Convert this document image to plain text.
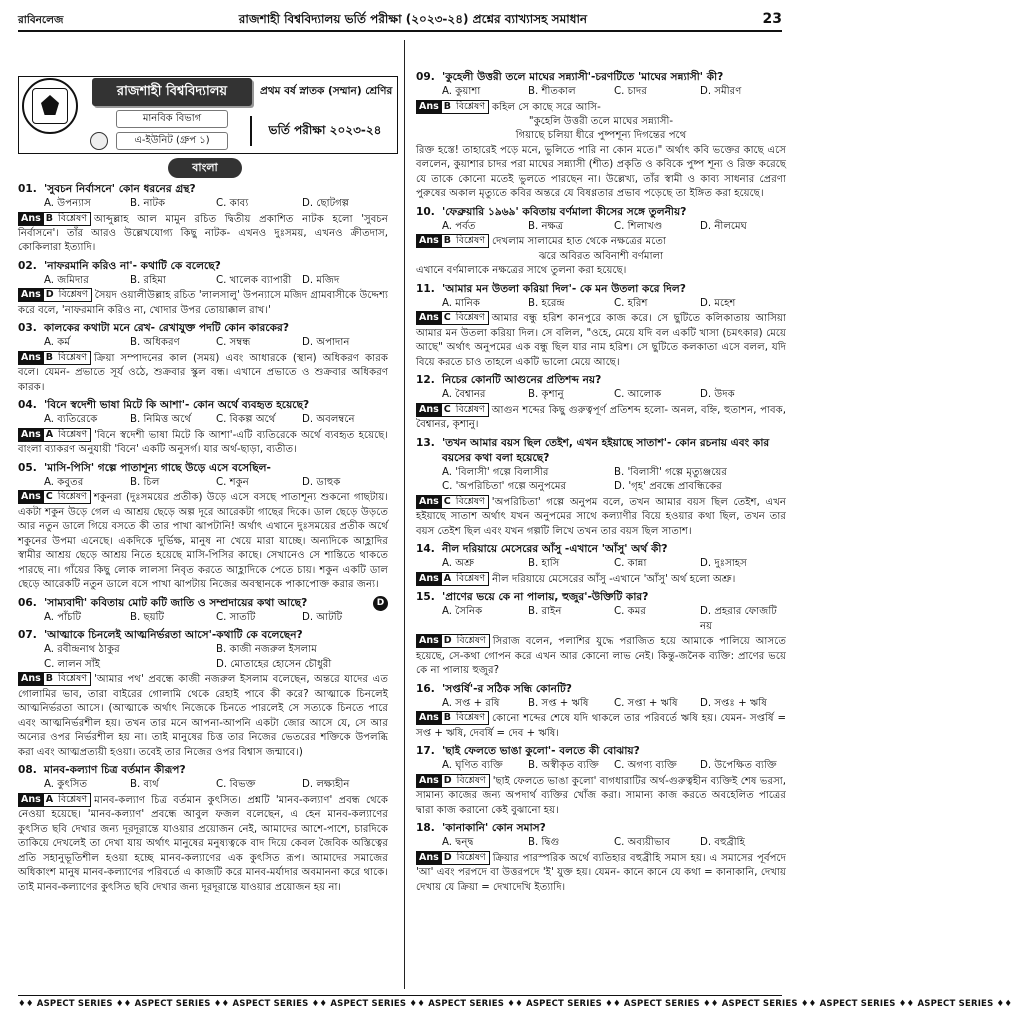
রাবিনলেজ	রাজশাহী বিশ্ববিদ্যালয় ভর্তি পরীক্ষা (২০২৩-২৪) প্রশ্নের ব্যাখ্যাসহ সমাধান	23
রাজশাহী বিশ্ববিদ্যালয়	প্রথম বর্ষ স্নাতক (সম্মান) শ্রেণির
মানবিক বিভাগ
এ-ইউনিট (গ্রুপ ১)
ভর্তি পরীক্ষা ২০২৩-২৪
বাংলা
01. 'সুবচন নির্বাসনে' কোন ধরনের গ্রন্থ?
A. উপন্যাস	B. নাটক	C. কাব্য	D. ছোটগল্প
Ans B বিশ্লেষণ আব্দুল্লাহ আল মামুন রচিত দ্বিতীয় প্রকাশিত নাটক হলো 'সুবচন নির্বাসনে'। তাঁর আরও উল্লেখযোগ্য কিছু নাটক- এখনও দুঃসময়, এখনও ক্রীতদাস, কোকিলারা ইত্যাদি।
02. 'নাফরমানি করিও না'- কথাটি কে বলেছে?
A. জমিদার	B. রহিমা	C. খালেক ব্যাপারী	D. মজিদ
Ans D বিশ্লেষণ সৈয়দ ওয়ালীউল্লাহ রচিত 'লালসালু' উপন্যাসে মজিদ গ্রামবাসীকে উদ্দেশ্য করে বলে, 'নাফরমানি করিও না, খোদার উপর তোয়াক্কাল রাখ।'
03. কালকের কথাটা মনে রেখ- রেখাযুক্ত পদটি কোন কারকের?
A. কর্ম	B. অধিকরণ	C. সম্বন্ধ	D. অপাদান
Ans B বিশ্লেষণ ক্রিয়া সম্পাদনের কাল (সময়) এবং আধারকে (স্থান) অধিকরণ কারক বলে। যেমন- প্রভাতে সূর্য ওঠে, শুক্রবার স্কুল বন্ধ। এখানে প্রভাতে ও শুক্রবার অধিকরণ কারক।
04. 'বিনে স্বদেশী ভাষা মিটে কি আশা'- কোন অর্থে ব্যবহৃত হয়েছে?
A. ব্যতিরেকে	B. নিমিত্ত অর্থে	C. বিকল্প অর্থে	D. অবলম্বনে
Ans A বিশ্লেষণ 'বিনে স্বদেশী ভাষা মিটে কি আশা'-এটি ব্যতিরেকে অর্থে ব্যবহৃত হয়েছে। বাংলা ব্যাকরণ অনুযায়ী 'বিনে' একটি অনুসর্গ। যার অর্থ-ছাড়া, ব্যতীত।
05. 'মাসি-পিসি' গল্পে পাতাশূন্য গাছে উড়ে এসে বসেছিল-
A. কবুতর	B. চিল	C. শকুন	D. ডাহুক
Ans C বিশ্লেষণ শকুনরা (দুঃসময়ের প্রতীক) উড়ে এসে বসছে পাতাশূন্য শুকনো গাছটায়। একটা শকুন উড়ে গেল এ আশ্রয় ছেড়ে অল্প দূরে আরেকটা গাছের দিকে। ডাল ছেড়ে উড়তে আর নতুন ডালে গিয়ে বসতে কী তার পাখা ঝাপটানি! অর্থাৎ এখানে দুঃসময়ের প্রতীক অর্থে শকুনের উপমা এনেছে। একদিকে দুর্ভিক্ষ, মানুষ না খেয়ে মারা যাচ্ছে। অন্যদিকে আহ্লাদির স্বামীর আশ্রয় ছেড়ে আশ্রয় নিতে হয়েছে মাসি-পিসির কাছে। সেখানেও সে শান্তিতে থাকতে পারছে না। গাঁয়ের কিছু লোক লালসা নিবৃত করতে আহ্লাদিকে পেতে চায়। শকুন একটি ডাল ছেড়ে আরেকটি নতুন ডালে বসে পাখা ঝাপটায় নিজের অবস্থানকে পাকাপোক্ত করার জন্য।
06. 'সাম্যবাদী' কবিতায় মোট কটি জাতি ও সম্প্রদায়ের কথা আছে?	D
A. পাঁচটি	B. ছয়টি	C. সাতটি	D. আটটি
07. 'আত্মাকে চিনলেই আত্মনির্ভরতা আসে'-কথাটি কে বলেছেন?
A. রবীন্দ্রনাথ ঠাকুর	B. কাজী নজরুল ইসলাম
C. লালন সাঁই	D. মোতাহের হোসেন চৌধুরী
Ans B বিশ্লেষণ 'আমার পথ' প্রবন্ধে কাজী নজরুল ইসলাম বলেছেন, অন্তরে যাদের এত গোলামির ভাব, তারা বাইরের গোলামি থেকে রেহাই পাবে কী করে? আত্মাকে চিনলেই আত্মনির্ভরতা আসে। (আত্মাকে অর্থাৎ নিজেকে চিনতে পারলেই সে সত্যকে চিনতে পারে এবং আত্মনির্ভরশীল হয়। তখন তার মনে আপনা-আপনি একটা জোর আসে যে, সে আর অন্যের ওপর নির্ভরশীল হয় না। তাই মানুষের চিত্ত তার নিজের ভেতরের শক্তিকে উপলব্ধি করা এবং আত্মপ্রত্যয়ী হওয়া। তবেই তার নিজের ওপর বিশ্বাস জন্মাবে।)
08. মানব-কল্যাণ চিত্র বর্তমান কীরূপ?
A. কুৎসিত	B. ব্যর্থ	C. বিভক্ত	D. লক্ষ্যহীন
Ans A বিশ্লেষণ মানব-কল্যাণ চিত্র বর্তমান কুৎসিত। প্রশ্নটি 'মানব-কল্যাণ' প্রবন্ধ থেকে নেওয়া হয়েছে। 'মানব-কল্যাণ' প্রবন্ধে আবুল ফজল বলেছেন, এ হেন মানব-কল্যাণের কুৎসিত ছবি দেখার জন্য দূরদূরান্তে যাওয়ার প্রয়োজন নেই, আমাদের আশে-পাশে, চারদিকে তাকিয়ে দেখলেই তা দেখা যায় অর্থাৎ মানুষের মনুষ্যত্বকে বাদ দিয়ে কেবল জৈবিক অস্তিত্বের প্রতি সহানুভূতিশীল হওয়া হচ্ছে মানব-কল্যাণের এক কুৎসিত রূপ। আমাদের সমাজের অধিকাংশ মানুষ মানব-কল্যাণের পরিবর্তে এ কাজটি করে মানব-মর্যাদার অবমাননা করে থাকে। তাই মানব-কল্যাণের কুৎসিত ছবি দেখার জন্য দূরদূরান্তে যাওয়ার প্রয়োজন হয় না।
09. 'কুহেলী উত্তরী তলে মাঘের সন্ন্যাসী'-চরণটিতে 'মাঘের সন্ন্যাসী' কী?
A. কুয়াশা	B. শীতকাল	C. চাদর	D. সমীরণ
Ans B বিশ্লেষণ কহিল সে কাছে সরে আসি-
"কুহেলি উত্তরী তলে মাঘের সন্ন্যাসী-
গিয়াছে চলিয়া ধীরে পুষ্পশূন্য দিগন্তের পথে
রিক্ত হস্তে! তাহারেই পড়ে মনে, ভুলিতে পারি না কোন মতে।" অর্থাৎ কবি ভক্তের কাছে এসে বললেন, কুয়াশার চাদর পরা মাঘের সন্ন্যাসী (শীত) প্রকৃতি ও কবিকে পুষ্প শূন্য ও রিক্ত করেছে যে তাকে কোনো মতেই ভুলতে পারছেন না। উল্লেখ্য, তাঁর স্বামী ও কাব্য সাধনার প্রেরণা পুরুষের অকাল মৃত্যুতে কবির অন্তরে যে বিষণ্ণতার প্রভাব পড়েছে তা ইঙ্গিত করা হয়েছে।
10. 'ফেব্রুয়ারি ১৯৬৯' কবিতায় বর্ণমালা কীসের সঙ্গে তুলনীয়?
A. পর্বত	B. নক্ষত্র	C. শিলাখণ্ড	D. নীলমেঘ
Ans B বিশ্লেষণ দেখলাম সালামের হাত থেকে নক্ষত্রের মতো
ঝরে অবিরত অবিনাশী বর্ণমালা
এখানে বর্ণমালাকে নক্ষত্রের সাথে তুলনা করা হয়েছে।
11. 'আমার মন উতলা করিয়া দিল'- কে মন উতলা করে দিল?
A. মানিক	B. হরেন্দ্র	C. হরিশ	D. মহেশ
Ans C বিশ্লেষণ আমার বন্ধু হরিশ কানপুরে কাজ করে। সে ছুটিতে কলিকাতায় আসিয়া আমার মন উতলা করিয়া দিল। সে বলিল, "ওহে, মেয়ে যদি বল একটি খাসা (চমৎকার) মেয়ে আছে" অর্থাৎ অনুপমের এক বন্ধু ছিল যার নাম হরিশ। সে ছুটিতে কলকাতা এসে বলল, যদি বিয়ে করতে চাও তাহলে একটি ভালো মেয়ে আছে।
12. নিচের কোনটি আগুনের প্রতিশব্দ নয়?
A. বৈশ্বানর	B. কৃশানু	C. আলোক	D. উদক
Ans C বিশ্লেষণ আগুন শব্দের কিছু গুরুত্বপূর্ণ প্রতিশব্দ হলো- অনল, বহ্নি, হুতাশন, পাবক, বৈশ্বানর, কৃশানু।
13. 'তখন আমার বয়স ছিল তেইশ, এখন হইয়াছে সাতাশ'- কোন রচনায় এবং কার বয়সের কথা বলা হয়েছে?
A. 'বিলাসী' গল্পে বিলাসীর	B. 'বিলাসী' গল্পে মৃত্যুঞ্জয়ের
C. 'অপরিচিতা' গল্পে অনুপমের	D. 'গৃহ' প্রবন্ধে প্রাবন্ধিকের
Ans C বিশ্লেষণ 'অপরিচিতা' গল্পে অনুপম বলে, তখন আমার বয়স ছিল তেইশ, এখন হইয়াছে সাতাশ অর্থাৎ যখন অনুপমের সাথে কল্যাণীর বিয়ে হওয়ার কথা ছিল, তখন তার বয়স তেইশ ছিল এবং যখন গল্পটি লিখে তখন তার বয়স ছিল সাতাশ।
14. নীল দরিয়ায়ে মেসেরের আঁসু -এখানে 'আঁসু' অর্থ কী?
A. অশ্রু	B. হাসি	C. কান্না	D. দুঃসাহস
Ans A বিশ্লেষণ নীল দরিয়ায়ে মেসেরের আঁসু -এখানে 'আঁসু' অর্থ হলো অশ্রু।
15. 'প্রাণের ভয়ে কে না পালায়, হুজুর'-উক্তিটি কার?
A. সৈনিক	B. রাইন	C. কমর	D. প্রহরার ফোজটি নয়
Ans D বিশ্লেষণ সিরাজ বলেন, পলাশির যুদ্ধে পরাজিত হয়ে আমাকে পালিয়ে আসতে হয়েছে, সে-কথা গোপন করে এখন আর কোনো লাভ নেই। কিন্তু-জনৈক ব্যক্তি: প্রাণের ভয়ে কে না পালায় হুজুর?
16. 'সপ্তর্ষি'-র সঠিক সন্ধি কোনটি?
A. সপ্ত + রষি	B. সপ্ত + ঋষি	C. সপ্তা + ঋষি	D. সপ্তঃ + ঋষি
Ans B বিশ্লেষণ কোনো শব্দের শেষে যদি থাকলে তার পরিবর্তে ঋষি হয়। যেমন- সপ্তর্ষি = সপ্ত + ঋষি, দেবর্ষি = দেব + ঋষি।
17. 'ছাই ফেলতে ভাঙা কুলো'- বলতে কী বোঝায়?
A. ঘৃণিত ব্যক্তি	B. অস্বীকৃত ব্যক্তি	C. অগণ্য ব্যক্তি	D. উপেক্ষিত ব্যক্তি
Ans D বিশ্লেষণ 'ছাই ফেলতে ভাঙা কুলো' বাগধারাটির অর্থ-গুরুত্বহীন ব্যক্তিই শেষ ভরসা, সামান্য কাজের জন্য অপদার্থ ব্যক্তির খোঁজ করা। সামান্য কাজ করতে অবহেলিত পাত্রের দ্বারা কাজ করানো কেই বুঝানো হয়।
18. 'কানাকানি' কোন সমাস?
A. দ্বন্দ্ব	B. দ্বিগু	C. অব্যয়ীভাব	D. বহুব্রীহি
Ans D বিশ্লেষণ ক্রিয়ার পারস্পরিক অর্থে ব্যতিহার বহুব্রীহি সমাস হয়। এ সমাসের পূর্বপদে 'আ' এবং পরপদে বা উত্তরপদে 'ই' যুক্ত হয়। যেমন- কানে কানে যে কথা = কানাকানি, দেখায় দেখায় যে ক্রিয়া = দেখাদেখি ইত্যাদি।
♦♦ ASPECT SERIES ♦♦ ASPECT SERIES ♦♦ ASPECT SERIES ♦♦ ASPECT SERIES ♦♦ ASPECT SERIES ♦♦ ASPECT SERIES ♦♦ ASPECT SERIES ♦♦ ASPECT SERIES ♦♦ ASPECT SERIES ♦♦ ASPECT SERIES ♦♦
